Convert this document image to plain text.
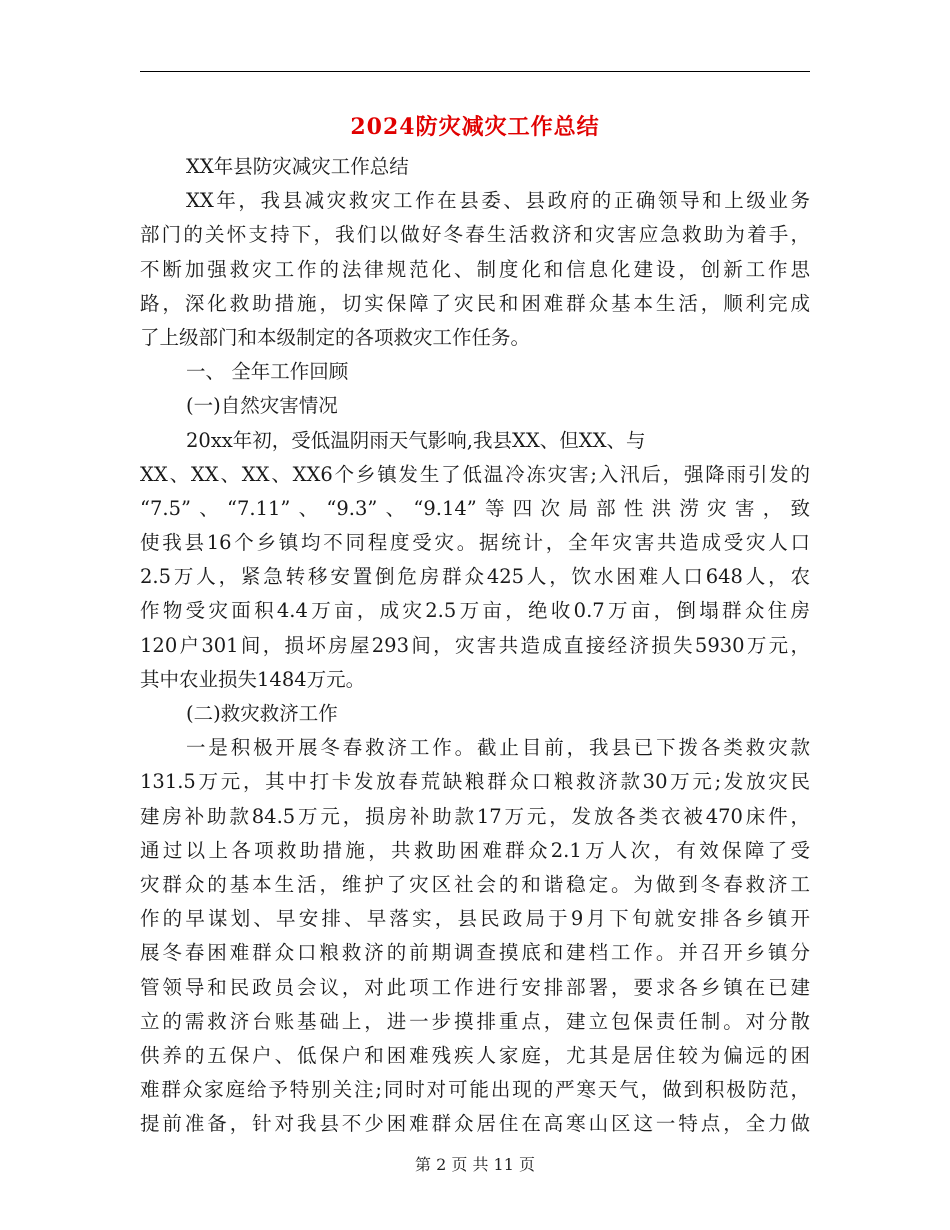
2024防灾减灾工作总结
XX年县防灾减灾工作总结
XX年，我县减灾救灾工作在县委、县政府的正确领导和上级业务
部门的关怀支持下，我们以做好冬春生活救济和灾害应急救助为着手，
不断加强救灾工作的法律规范化、制度化和信息化建设，创新工作思
路，深化救助措施，切实保障了灾民和困难群众基本生活，顺利完成
了上级部门和本级制定的各项救灾工作任务。
一、 全年工作回顾
(一)自然灾害情况
20xx年初，受低温阴雨天气影响,我县XX、但XX、与
XX、XX、XX、XX6个乡镇发生了低温冷冻灾害;入汛后，强降雨引发的
“7.5”、“7.11”、“9.3”、“9.14”等四次局部性洪涝灾害，致
使我县16个乡镇均不同程度受灾。据统计，全年灾害共造成受灾人口
2.5万人，紧急转移安置倒危房群众425人，饮水困难人口648人，农
作物受灾面积4.4万亩，成灾2.5万亩，绝收0.7万亩，倒塌群众住房
120户301间，损坏房屋293间，灾害共造成直接经济损失5930万元，
其中农业损失1484万元。
(二)救灾救济工作
一是积极开展冬春救济工作。截止目前，我县已下拨各类救灾款
131.5万元，其中打卡发放春荒缺粮群众口粮救济款30万元;发放灾民
建房补助款84.5万元，损房补助款17万元，发放各类衣被470床件，
通过以上各项救助措施，共救助困难群众2.1万人次，有效保障了受
灾群众的基本生活，维护了灾区社会的和谐稳定。为做到冬春救济工
作的早谋划、早安排、早落实，县民政局于9月下旬就安排各乡镇开
展冬春困难群众口粮救济的前期调查摸底和建档工作。并召开乡镇分
管领导和民政员会议，对此项工作进行安排部署，要求各乡镇在已建
立的需救济台账基础上，进一步摸排重点，建立包保责任制。对分散
供养的五保户、低保户和困难残疾人家庭，尤其是居住较为偏远的困
难群众家庭给予特别关注;同时对可能出现的严寒天气，做到积极防范，
提前准备，针对我县不少困难群众居住在高寒山区这一特点，全力做
第 2 页 共 11 页
